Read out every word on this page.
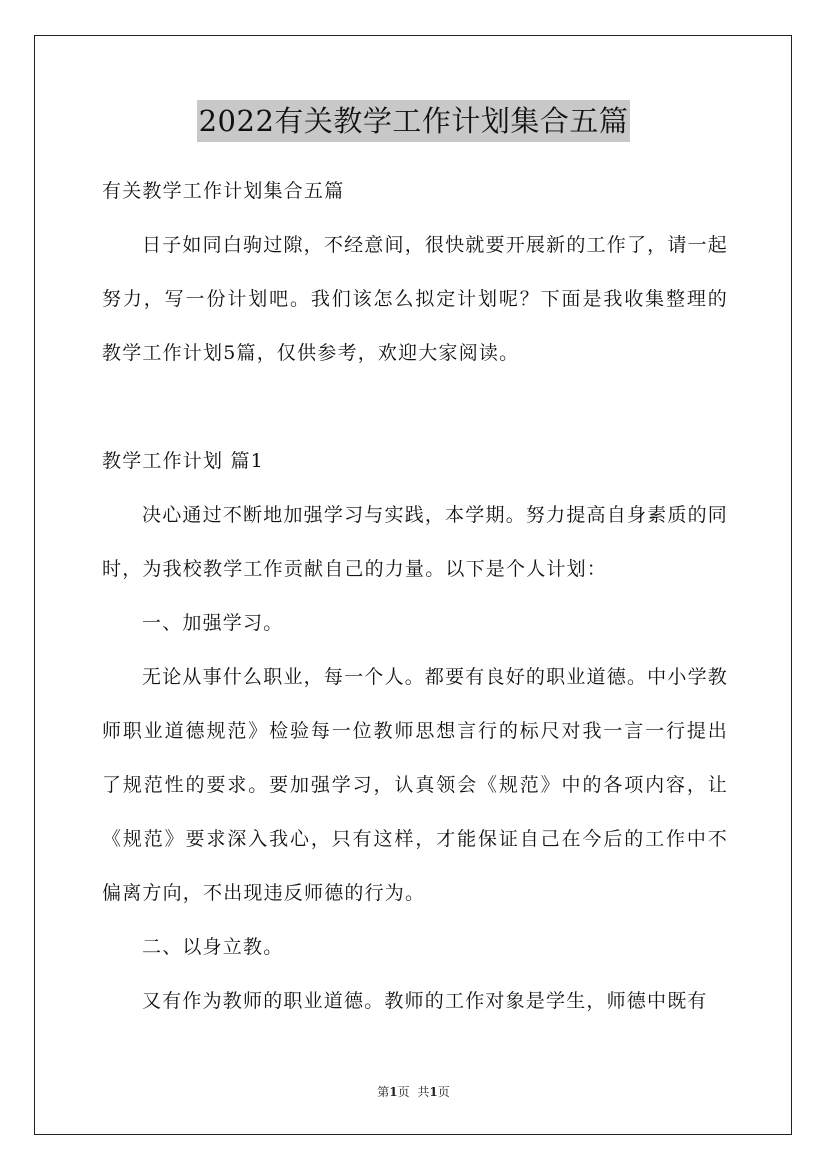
2022有关教学工作计划集合五篇

有关教学工作计划集合五篇

日子如同白驹过隙，不经意间，很快就要开展新的工作了，请一起努力，写一份计划吧。我们该怎么拟定计划呢？下面是我收集整理的教学工作计划5篇，仅供参考，欢迎大家阅读。

教学工作计划 篇1

决心通过不断地加强学习与实践，本学期。努力提高自身素质的同时，为我校教学工作贡献自己的力量。以下是个人计划：

一、加强学习。

无论从事什么职业，每一个人。都要有良好的职业道德。中小学教师职业道德规范》检验每一位教师思想言行的标尺对我一言一行提出了规范性的要求。要加强学习，认真领会《规范》中的各项内容，让《规范》要求深入我心，只有这样，才能保证自己在今后的工作中不偏离方向，不出现违反师德的行为。

二、以身立教。

又有作为教师的职业道德。教师的工作对象是学生，师德中既有

第1页 共1页
